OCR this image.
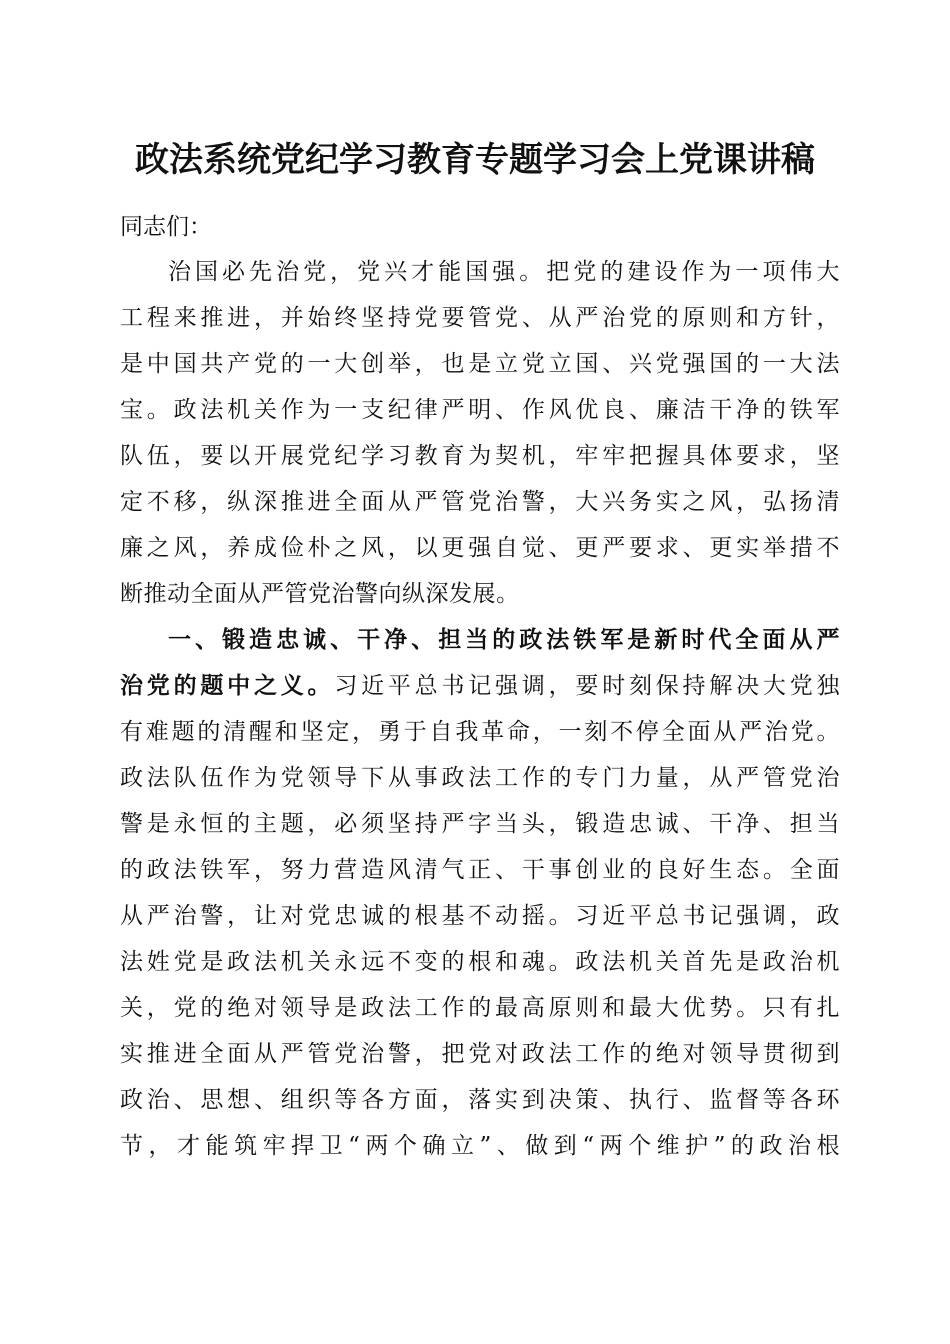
政法系统党纪学习教育专题学习会上党课讲稿
同志们：
治国必先治党，党兴才能国强。把党的建设作为一项伟大
工程来推进，并始终坚持党要管党、从严治党的原则和方针，
是中国共产党的一大创举，也是立党立国、兴党强国的一大法
宝。政法机关作为一支纪律严明、作风优良、廉洁干净的铁军
队伍，要以开展党纪学习教育为契机，牢牢把握具体要求，坚
定不移，纵深推进全面从严管党治警，大兴务实之风，弘扬清
廉之风，养成俭朴之风，以更强自觉、更严要求、更实举措不
断推动全面从严管党治警向纵深发展。
一、锻造忠诚、干净、担当的政法铁军是新时代全面从严
治党的题中之义。习近平总书记强调，要时刻保持解决大党独
有难题的清醒和坚定，勇于自我革命，一刻不停全面从严治党。
政法队伍作为党领导下从事政法工作的专门力量，从严管党治
警是永恒的主题，必须坚持严字当头，锻造忠诚、干净、担当
的政法铁军，努力营造风清气正、干事创业的良好生态。全面
从严治警，让对党忠诚的根基不动摇。习近平总书记强调，政
法姓党是政法机关永远不变的根和魂。政法机关首先是政治机
关，党的绝对领导是政法工作的最高原则和最大优势。只有扎
实推进全面从严管党治警，把党对政法工作的绝对领导贯彻到
政治、思想、组织等各方面，落实到决策、执行、监督等各环
节，才能筑牢捍卫“两个确立”、做到“两个维护”的政治根
